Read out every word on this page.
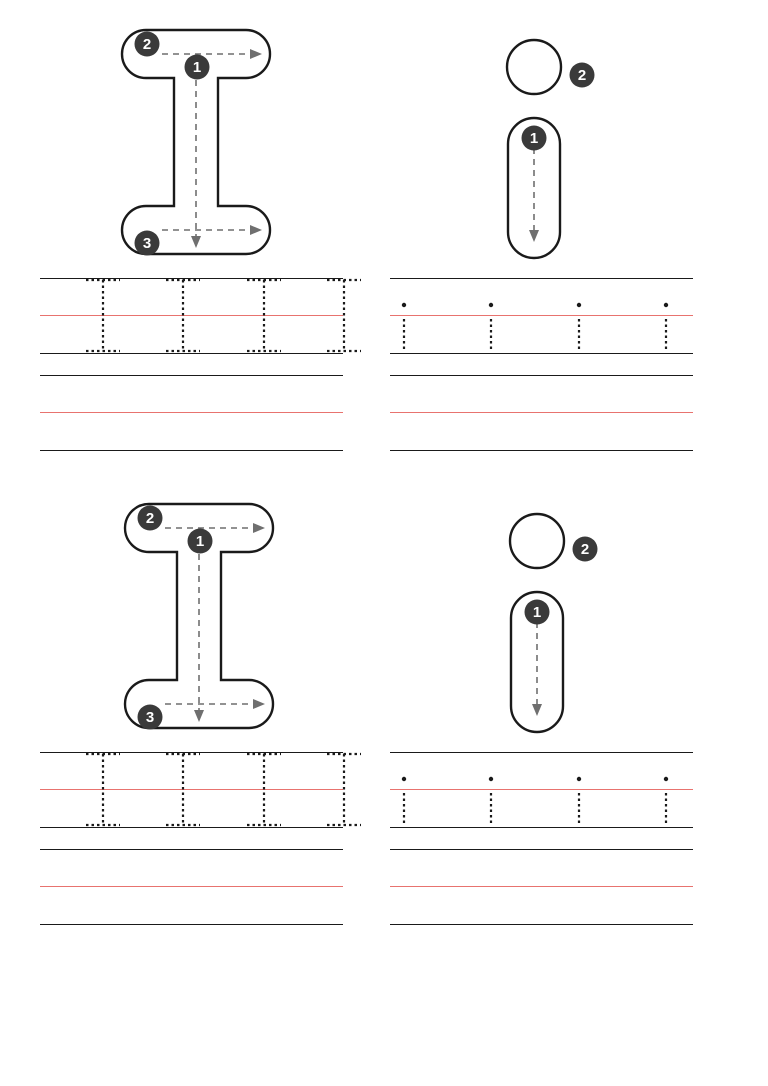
1
2
3
1
2
1
2
3
1
2
